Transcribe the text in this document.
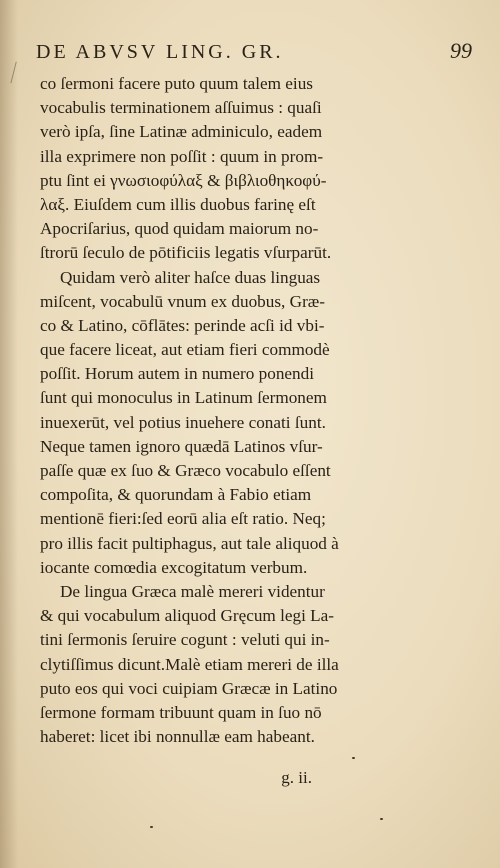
DE ABVSV LING. GR.	99
co ſermoni facere puto quum talem eius
vocabulis terminationem aſſuimus : quaſi
verò ipſa, ſine Latinæ adminiculo, eadem
illa exprimere non poſſit : quum in prom-
ptu ſint ei γνωσιοφύλαξ & βιβλιοθηκοφύ-
λαξ. Eiuſdem cum illis duobus farinę eſt
Apocriſarius, quod quidam maiorum no-
ſtrorū ſeculo de pōtificiis legatis vſurparūt.
Quidam verò aliter haſce duas linguas
miſcent, vocabulū vnum ex duobus, Græ-
co & Latino, cōflātes: perinde acſi id vbi-
que facere liceat, aut etiam fieri commodè
poſſit. Horum autem in numero ponendi
ſunt qui monoculus in Latinum ſermonem
inuexerūt, vel potius inuehere conati ſunt.
Neque tamen ignoro quædā Latinos vſur-
paſſe quæ ex ſuo & Græco vocabulo eſſent
compoſita, & quorundam à Fabio etiam
mentionē fieri:ſed eorū alia eſt ratio. Neq;
pro illis facit pultiphagus, aut tale aliquod à
iocante comœdia excogitatum verbum.
De lingua Græca malè mereri videntur
& qui vocabulum aliquod Gręcum legi La-
tini ſermonis ſeruire cogunt : veluti qui in-
clytiſſimus dicunt.Malè etiam mereri de illa
puto eos qui voci cuipiam Græcæ in Latino
ſermone formam tribuunt quam in ſuo nō
haberet: licet ibi nonnullæ eam habeant.
g. ii.
